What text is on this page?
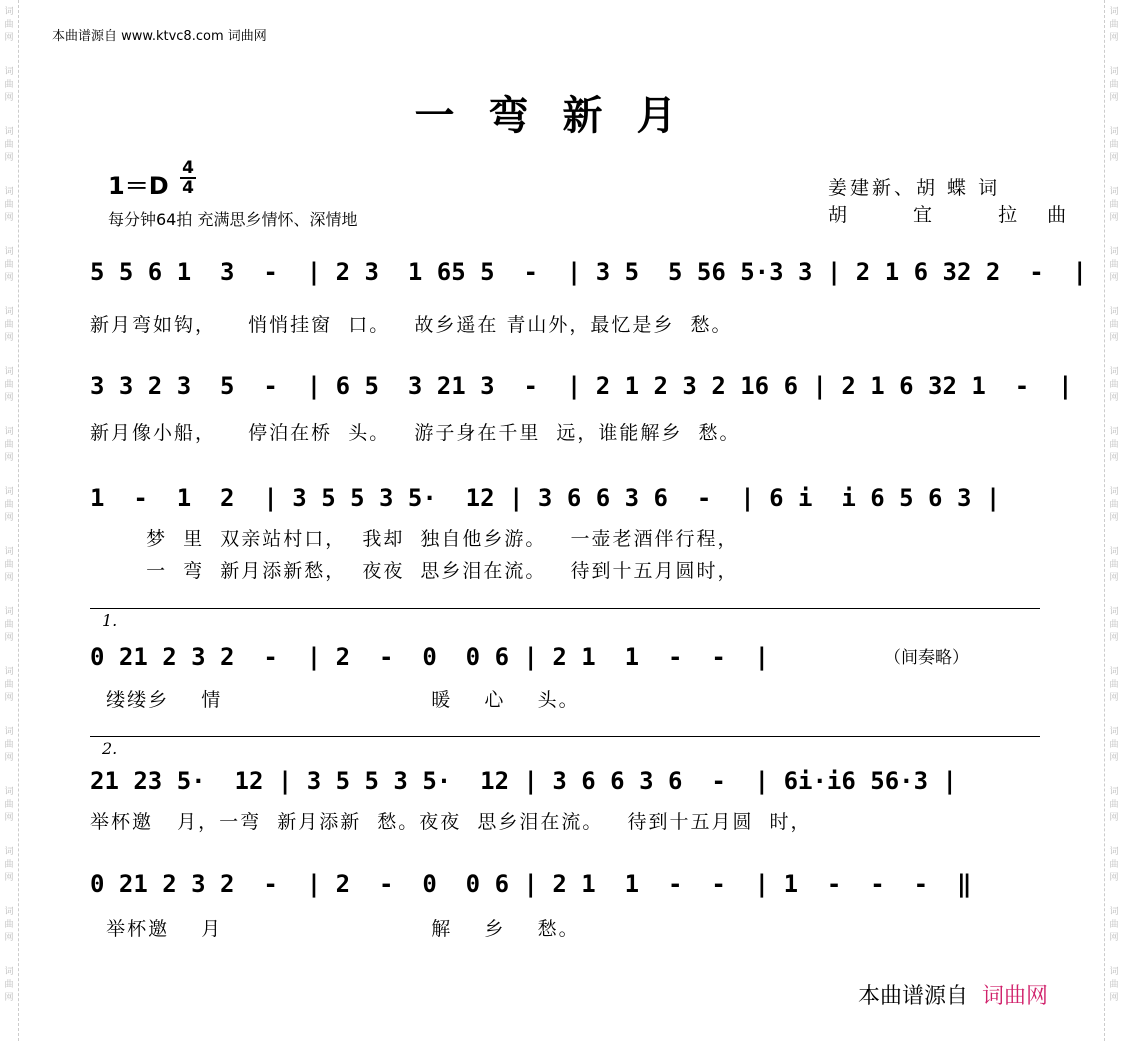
词
曲
网
词
曲
网
词
曲
网
词
曲
网
词
曲
网
词
曲
网
词
曲
网
词
曲
网
词
曲
网
词
曲
网
词
曲
网
词
曲
网
词
曲
网
词
曲
网
词
曲
网
词
曲
网
词
曲
网
词
曲
网
词
曲
网
词
曲
网
词
曲
网
词
曲
网
词
曲
网
词
曲
网
词
曲
网
词
曲
网
词
曲
网
词
曲
网
词
曲
网
词
曲
网
词
曲
网
词
曲
网
词
曲
网
词
曲
网
本曲谱源自 www.ktvc8.com 词曲网
一弯新月
1＝D
4
4
每分钟64拍 充满思乡情怀、深情地
姜建新、胡 蝶 词
胡 宜 拉曲
5 5 6 1  3  -  | 2 3  1 65 5  -  | 3 5  5 56 5·3 3 | 2 1 6 32 2  -  |
新月弯如钩，    悄悄挂窗  口。   故乡遥在 青山外，最忆是乡  愁。
3 3 2 3  5  -  | 6 5  3 21 3  -  | 2 1 2 3 2 16 6 | 2 1 6 32 1  -  |
新月像小船，    停泊在桥  头。   游子身在千里  远，谁能解乡  愁。
1  -  1  2  | 3 5 5 3 5·  12 | 3 6 6 3 6  -  | 6 i  i 6 5 6 3 |
梦  里  双亲站村口，  我却  独自他乡游。   一壶老酒伴行程，
一  弯  新月添新愁，  夜夜  思乡泪在流。   待到十五月圆时，
1.
0 21 2 3 2  -  | 2  -  0  0 6 | 2 1  1  -  -  |	（间奏略）
缕缕乡    情                          暖    心    头。
2.
21 23 5·  12 | 3 5 5 3 5·  12 | 3 6 6 3 6  -  | 6i·i6 56·3 |
举杯邀   月，一弯  新月添新  愁。夜夜  思乡泪在流。   待到十五月圆  时，
0 21 2 3 2  -  | 2  -  0  0 6 | 2 1  1  -  -  | 1  -  -  -  ‖
举杯邀    月                          解    乡    愁。
本曲谱源自 词曲网
